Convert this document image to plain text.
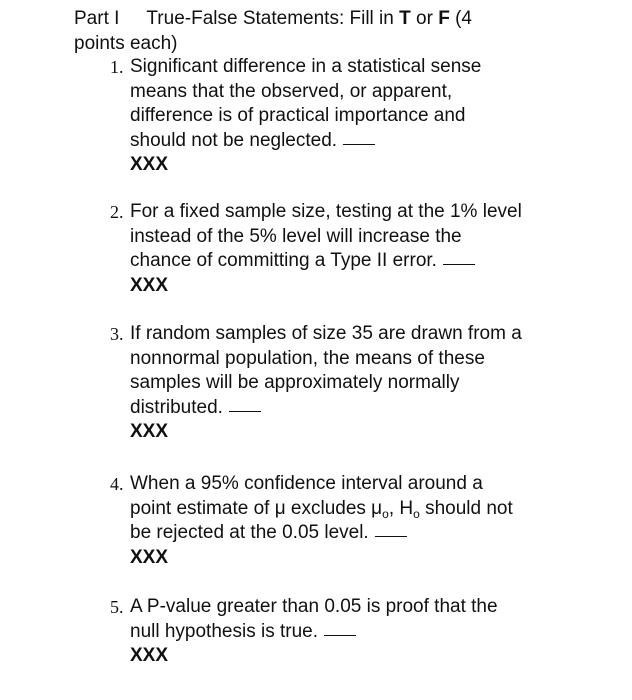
Part I True-False Statements: Fill in T or F (4
points each)
1. Significant difference in a statistical sense
means that the observed, or apparent,
difference is of practical importance and
should not be neglected.
XXX
2. For a fixed sample size, testing at the 1% level
instead of the 5% level will increase the
chance of committing a Type II error.
XXX
3. If random samples of size 35 are drawn from a
nonnormal population, the means of these
samples will be approximately normally
distributed.
XXX
4. When a 95% confidence interval around a
point estimate of μ excludes $\mu_o$, $H_o$ should not
be rejected at the 0.05 level.
XXX
5. A P-value greater than 0.05 is proof that the
null hypothesis is true.
XXX
